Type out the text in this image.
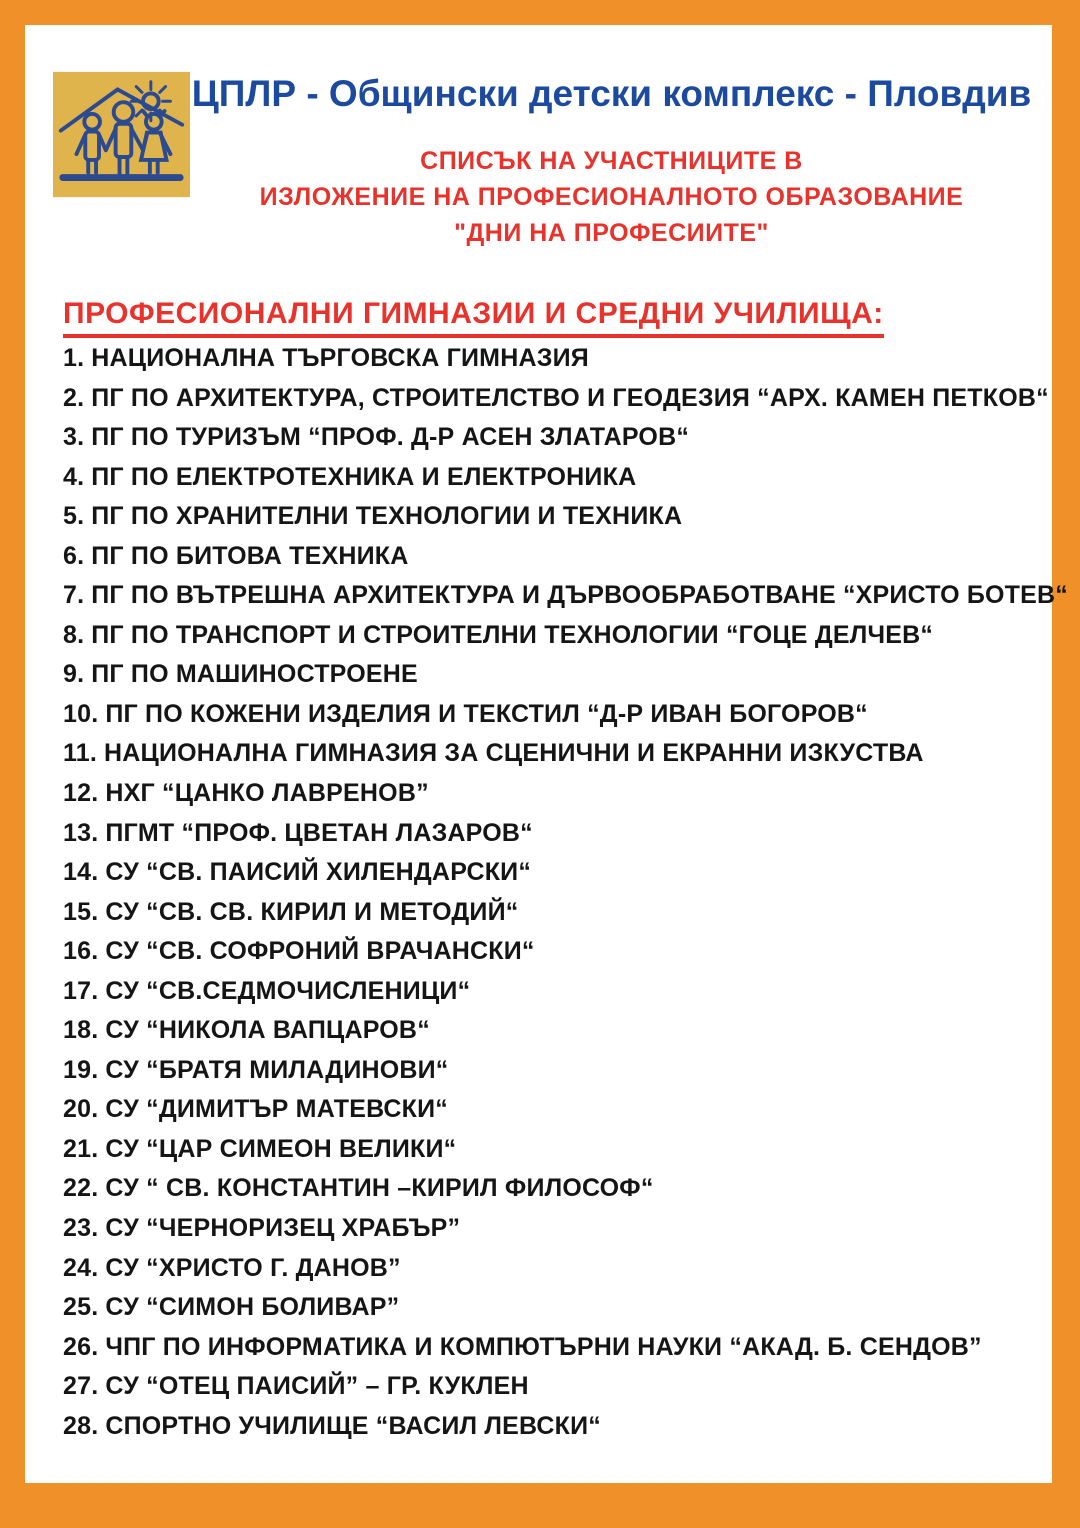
ЦПЛР - Общински детски комплекс - Пловдив
СПИСЪК НА УЧАСТНИЦИТЕ В
ИЗЛОЖЕНИЕ НА ПРОФЕСИОНАЛНОТО ОБРАЗОВАНИЕ
"ДНИ НА ПРОФЕСИИТЕ"
ПРОФЕСИОНАЛНИ ГИМНАЗИИ И СРЕДНИ УЧИЛИЩА:
1. НАЦИОНАЛНА ТЪРГОВСКА ГИМНАЗИЯ
2. ПГ ПО АРХИТЕКТУРА, СТРОИТЕЛСТВО И ГЕОДЕЗИЯ “АРХ. КАМЕН ПЕТКОВ“
3. ПГ ПО ТУРИЗЪМ “ПРОФ. Д-Р АСЕН ЗЛАТАРОВ“
4. ПГ ПО ЕЛЕКТРОТЕХНИКА И ЕЛЕКТРОНИКА
5. ПГ ПО ХРАНИТЕЛНИ ТЕХНОЛОГИИ И ТЕХНИКА
6. ПГ ПО БИТОВА ТЕХНИКА
7. ПГ ПО ВЪТРЕШНА АРХИТЕКТУРА И ДЪРВООБРАБОТВАНЕ “ХРИСТО БОТЕВ“
8. ПГ ПО ТРАНСПОРТ И СТРОИТЕЛНИ ТЕХНОЛОГИИ “ГОЦЕ ДЕЛЧЕВ“
9. ПГ ПО МАШИНОСТРОЕНЕ
10. ПГ ПО КОЖЕНИ ИЗДЕЛИЯ И ТЕКСТИЛ “Д-Р ИВАН БОГОРОВ“
11. НАЦИОНАЛНА ГИМНАЗИЯ ЗА СЦЕНИЧНИ И ЕКРАННИ ИЗКУСТВА
12. НХГ “ЦАНКО ЛАВРЕНОВ”
13. ПГМТ “ПРОФ. ЦВЕТАН ЛАЗАРОВ“
14. СУ “СВ. ПАИСИЙ ХИЛЕНДАРСКИ“
15. СУ “СВ. СВ. КИРИЛ И МЕТОДИЙ“
16. СУ “СВ. СОФРОНИЙ ВРАЧАНСКИ“
17. СУ “СВ.СЕДМОЧИСЛЕНИЦИ“
18. СУ “НИКОЛА ВАПЦАРОВ“
19. СУ “БРАТЯ МИЛАДИНОВИ“
20. СУ “ДИМИТЪР МАТЕВСКИ“
21. СУ “ЦАР СИМЕОН ВЕЛИКИ“
22. СУ “ СВ. КОНСТАНТИН –КИРИЛ ФИЛОСОФ“
23. СУ “ЧЕРНОРИЗЕЦ ХРАБЪР”
24. СУ “ХРИСТО Г. ДАНОВ”
25. СУ “СИМОН БОЛИВАР”
26. ЧПГ ПО ИНФОРМАТИКА И КОМПЮТЪРНИ НАУКИ “АКАД. Б. СЕНДОВ”
27. СУ “ОТЕЦ ПАИСИЙ” – ГР. КУКЛЕН
28. СПОРТНО УЧИЛИЩЕ “ВАСИЛ ЛЕВСКИ“
